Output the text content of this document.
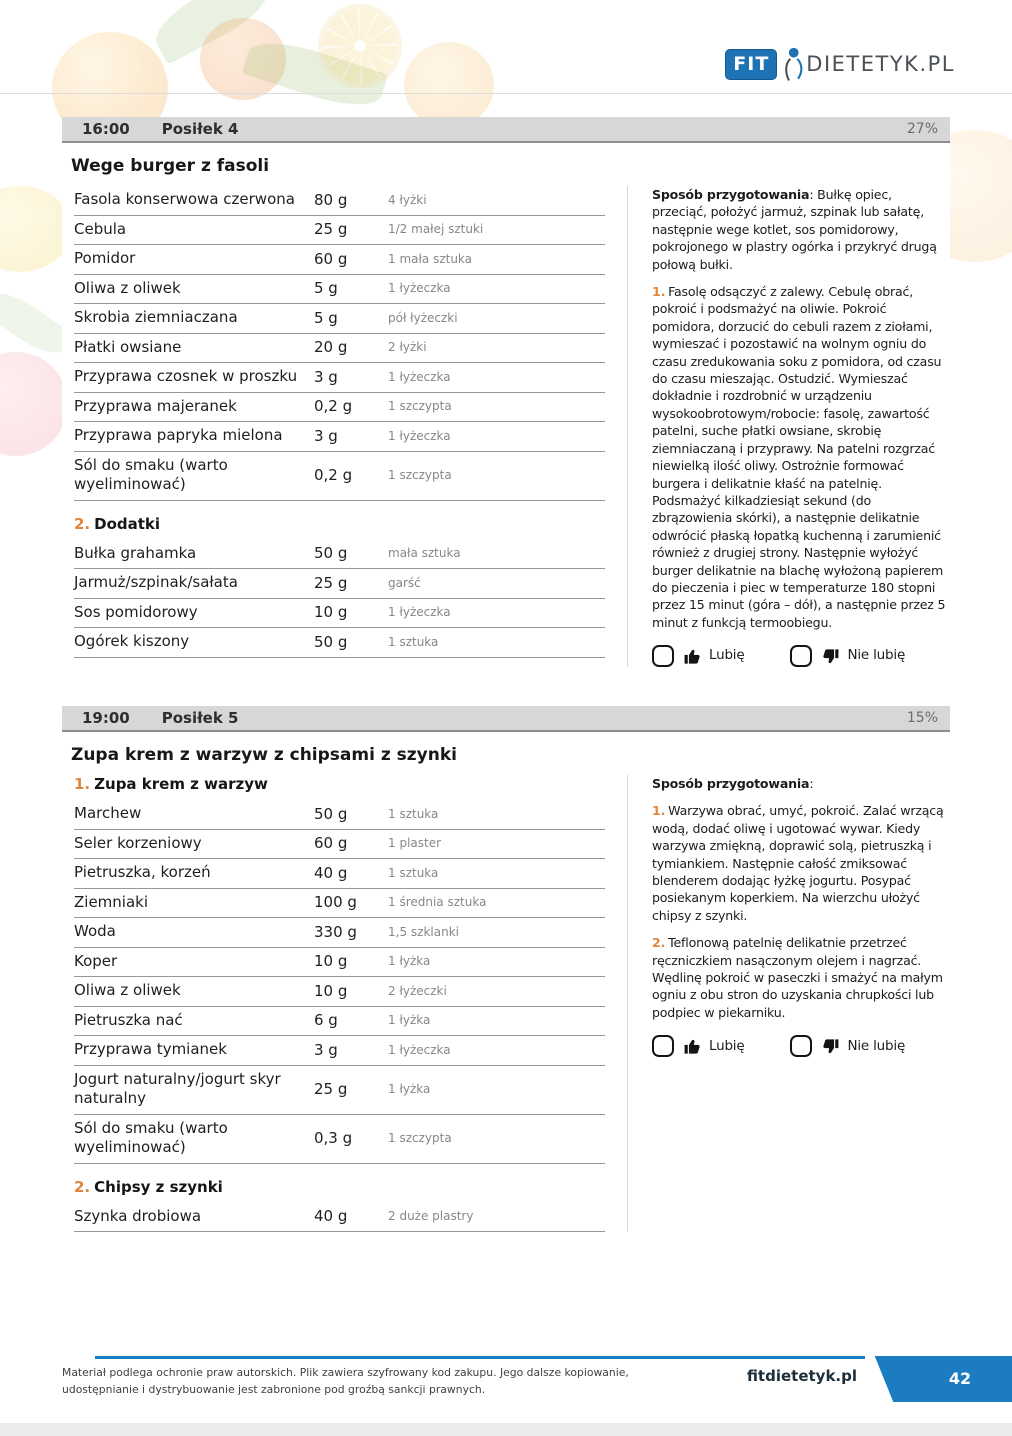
FIT	DIETETYK.PL
16:00 Posiłek 4	27%
Wege burger z fasoli
Fasola konserwowa czerwona	80 g	4 łyżki
Cebula	25 g	1/2 małej sztuki
Pomidor	60 g	1 mała sztuka
Oliwa z oliwek	5 g	1 łyżeczka
Skrobia ziemniaczana	5 g	pół łyżeczki
Płatki owsiane	20 g	2 łyżki
Przyprawa czosnek w proszku	3 g	1 łyżeczka
Przyprawa majeranek	0,2 g	1 szczypta
Przyprawa papryka mielona	3 g	1 łyżeczka
Sól do smaku (warto wyeliminować)	0,2 g	1 szczypta
2. Dodatki
Bułka grahamka	50 g	mała sztuka
Jarmuż/szpinak/sałata	25 g	garść
Sos pomidorowy	10 g	1 łyżeczka
Ogórek kiszony	50 g	1 sztuka

Sposób przygotowania: Bułkę opiec, przeciąć, położyć jarmuż, szpinak lub sałatę, następnie wege kotlet, sos pomidorowy, pokrojonego w plastry ogórka i przykryć drugą połową bułki.

1. Fasolę odsączyć z zalewy. Cebulę obrać, pokroić i podsmażyć na oliwie. Pokroić pomidora, dorzucić do cebuli razem z ziołami, wymieszać i pozostawić na wolnym ogniu do czasu zredukowania soku z pomidora, od czasu do czasu mieszając. Ostudzić. Wymieszać dokładnie i rozdrobnić w urządzeniu wysokoobrotowym/robocie: fasolę, zawartość patelni, suche płatki owsiane, skrobię ziemniaczaną i przyprawy. Na patelni rozgrzać niewielką ilość oliwy. Ostrożnie formować burgera i delikatnie kłaść na patelnię. Podsmażyć kilkadziesiąt sekund (do zbrązowienia skórki), a następnie delikatnie odwrócić płaską łopatką kuchenną i zarumienić również z drugiej strony. Następnie wyłożyć burger delikatnie na blachę wyłożoną papierem do pieczenia i piec w temperaturze 180 stopni przez 15 minut (góra – dół), a następnie przez 5 minut z funkcją termoobiegu.

Lubię	Nie lubię
19:00 Posiłek 5	15%
Zupa krem z warzyw z chipsami z szynki
1. Zupa krem z warzyw
Marchew	50 g	1 sztuka
Seler korzeniowy	60 g	1 plaster
Pietruszka, korzeń	40 g	1 sztuka
Ziemniaki	100 g	1 średnia sztuka
Woda	330 g	1,5 szklanki
Koper	10 g	1 łyżka
Oliwa z oliwek	10 g	2 łyżeczki
Pietruszka nać	6 g	1 łyżka
Przyprawa tymianek	3 g	1 łyżeczka
Jogurt naturalny/jogurt skyr naturalny	25 g	1 łyżka
Sól do smaku (warto wyeliminować)	0,3 g	1 szczypta
2. Chipsy z szynki
Szynka drobiowa	40 g	2 duże plastry

Sposób przygotowania:

1. Warzywa obrać, umyć, pokroić. Zalać wrzącą wodą, dodać oliwę i ugotować wywar. Kiedy warzywa zmiękną, doprawić solą, pietruszką i tymiankiem. Następnie całość zmiksować blenderem dodając łyżkę jogurtu. Posypać posiekanym koperkiem. Na wierzchu ułożyć chipsy z szynki.

2. Teflonową patelnię delikatnie przetrzeć ręczniczkiem nasączonym olejem i nagrzać. Wędlinę pokroić w paseczki i smażyć na małym ogniu z obu stron do uzyskania chrupkości lub podpiec w piekarniku.

Lubię	Nie lubię
Materiał podlega ochronie praw autorskich. Plik zawiera szyfrowany kod zakupu. Jego dalsze kopiowanie,
udostępnianie i dystrybuowanie jest zabronione pod groźbą sankcji prawnych.
fitdietetyk.pl	42
